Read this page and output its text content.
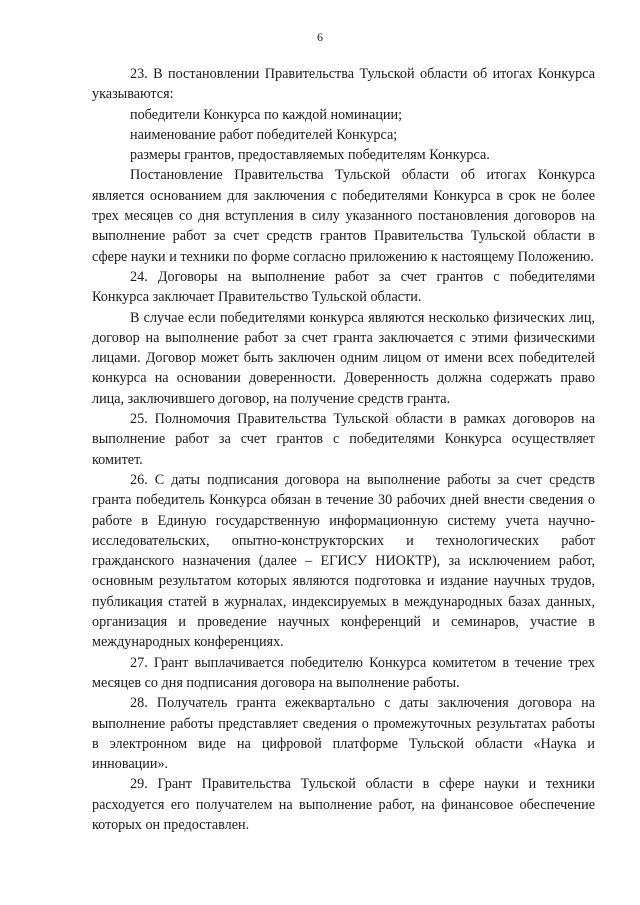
6

23. В постановлении Правительства Тульской области об итогах Конкурса указываются:

победители Конкурса по каждой номинации;

наименование работ победителей Конкурса;

размеры грантов, предоставляемых победителям Конкурса.

Постановление Правительства Тульской области об итогах Конкурса является основанием для заключения с победителями Конкурса в срок не более трех месяцев со дня вступления в силу указанного постановления договоров на выполнение работ за счет средств грантов Правительства Тульской области в сфере науки и техники по форме согласно приложению к настоящему Положению.

24. Договоры на выполнение работ за счет грантов с победителями Конкурса заключает Правительство Тульской области.

В случае если победителями конкурса являются несколько физических лиц, договор на выполнение работ за счет гранта заключается с этими физическими лицами. Договор может быть заключен одним лицом от имени всех победителей конкурса на основании доверенности. Доверенность должна содержать право лица, заключившего договор, на получение средств гранта.

25. Полномочия Правительства Тульской области в рамках договоров на выполнение работ за счет грантов с победителями Конкурса осуществляет комитет.

26. С даты подписания договора на выполнение работы за счет средств гранта победитель Конкурса обязан в течение 30 рабочих дней внести сведения о работе в Единую государственную информационную систему учета научно-исследовательских, опытно-конструкторских и технологических работ гражданского назначения (далее – ЕГИСУ НИОКТР), за исключением работ, основным результатом которых являются подготовка и издание научных трудов, публикация статей в журналах, индексируемых в международных базах данных, организация и проведение научных конференций и семинаров, участие в международных конференциях.

27. Грант выплачивается победителю Конкурса комитетом в течение трех месяцев со дня подписания договора на выполнение работы.

28. Получатель гранта ежеквартально с даты заключения договора на выполнение работы представляет сведения о промежуточных результатах работы в электронном виде на цифровой платформе Тульской области «Наука и инновации».

29. Грант Правительства Тульской области в сфере науки и техники расходуется его получателем на выполнение работ, на финансовое обеспечение которых он предоставлен.
